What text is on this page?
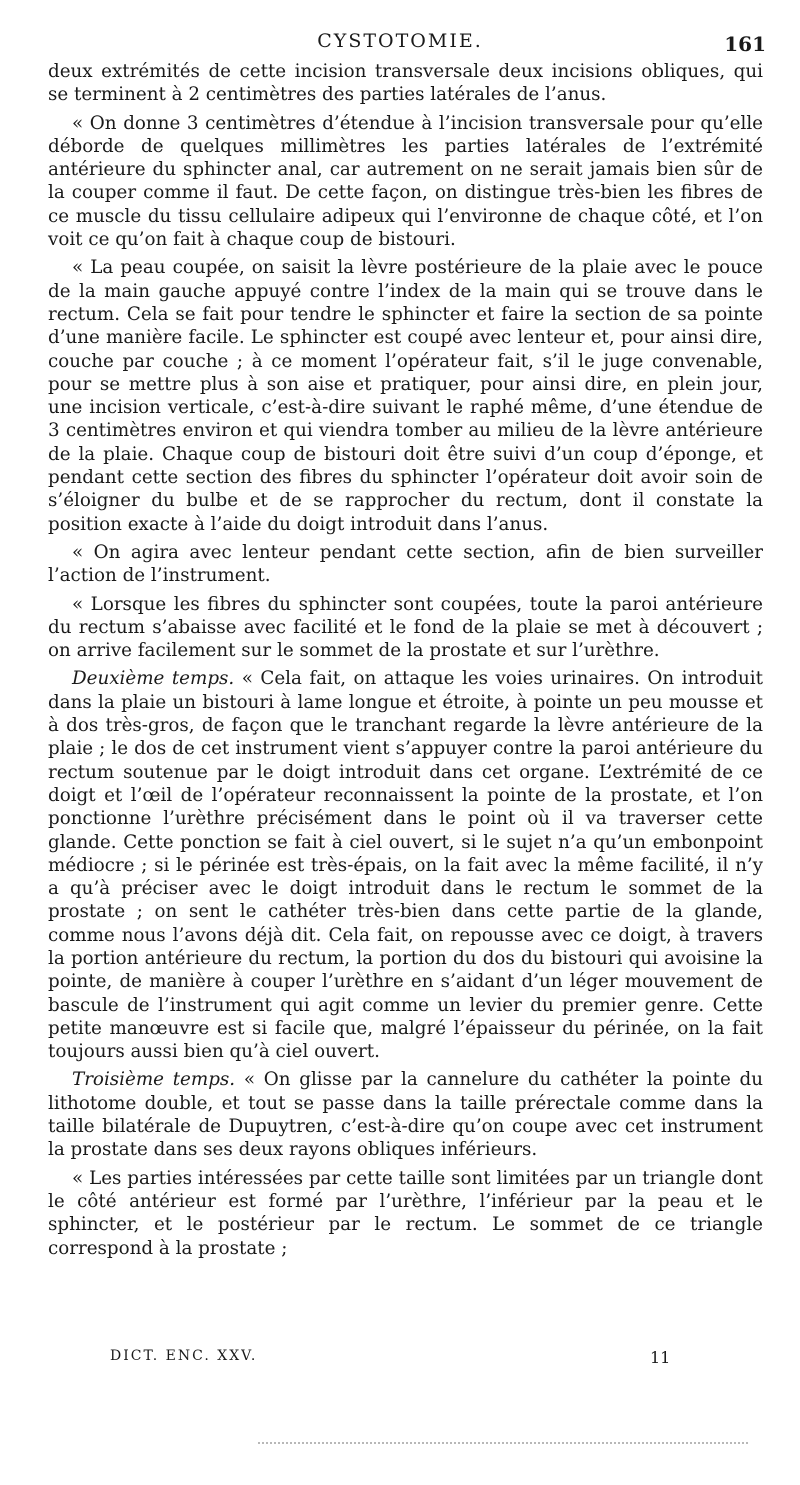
CYSTOTOMIE.	161

deux extrémités de cette incision transversale deux incisions obliques, qui se terminent à 2 centimètres des parties latérales de l’anus.

« On donne 3 centimètres d’étendue à l’incision transversale pour qu’elle déborde de quelques millimètres les parties latérales de l’extrémité antérieure du sphincter anal, car autrement on ne serait jamais bien sûr de la couper comme il faut. De cette façon, on distingue très-bien les fibres de ce muscle du tissu cellulaire adipeux qui l’environne de chaque côté, et l’on voit ce qu’on fait à chaque coup de bistouri.

« La peau coupée, on saisit la lèvre postérieure de la plaie avec le pouce de la main gauche appuyé contre l’index de la main qui se trouve dans le rectum. Cela se fait pour tendre le sphincter et faire la section de sa pointe d’une manière facile. Le sphincter est coupé avec lenteur et, pour ainsi dire, couche par couche ; à ce moment l’opérateur fait, s’il le juge convenable, pour se mettre plus à son aise et pratiquer, pour ainsi dire, en plein jour, une incision verticale, c’est-à-dire suivant le raphé même, d’une étendue de 3 centimètres environ et qui viendra tomber au milieu de la lèvre antérieure de la plaie. Chaque coup de bistouri doit être suivi d’un coup d’éponge, et pendant cette section des fibres du sphincter l’opérateur doit avoir soin de s’éloigner du bulbe et de se rapprocher du rectum, dont il constate la position exacte à l’aide du doigt introduit dans l’anus.

« On agira avec lenteur pendant cette section, afin de bien surveiller l’action de l’instrument.

« Lorsque les fibres du sphincter sont coupées, toute la paroi antérieure du rectum s’abaisse avec facilité et le fond de la plaie se met à découvert ; on arrive facilement sur le sommet de la prostate et sur l’urèthre.

Deuxième temps. « Cela fait, on attaque les voies urinaires. On introduit dans la plaie un bistouri à lame longue et étroite, à pointe un peu mousse et à dos très-gros, de façon que le tranchant regarde la lèvre antérieure de la plaie ; le dos de cet instrument vient s’appuyer contre la paroi antérieure du rectum soutenue par le doigt introduit dans cet organe. L’extrémité de ce doigt et l’œil de l’opérateur reconnaissent la pointe de la prostate, et l’on ponctionne l’urèthre précisément dans le point où il va traverser cette glande. Cette ponction se fait à ciel ouvert, si le sujet n’a qu’un embonpoint médiocre ; si le périnée est très-épais, on la fait avec la même facilité, il n’y a qu’à préciser avec le doigt introduit dans le rectum le sommet de la prostate ; on sent le cathéter très-bien dans cette partie de la glande, comme nous l’avons déjà dit. Cela fait, on repousse avec ce doigt, à travers la portion antérieure du rectum, la portion du dos du bistouri qui avoisine la pointe, de manière à couper l’urèthre en s’aidant d’un léger mouvement de bascule de l’instrument qui agit comme un levier du premier genre. Cette petite manœuvre est si facile que, malgré l’épaisseur du périnée, on la fait toujours aussi bien qu’à ciel ouvert.

Troisième temps. « On glisse par la cannelure du cathéter la pointe du lithotome double, et tout se passe dans la taille prérectale comme dans la taille bilatérale de Dupuytren, c’est-à-dire qu’on coupe avec cet instrument la prostate dans ses deux rayons obliques inférieurs.

« Les parties intéressées par cette taille sont limitées par un triangle dont le côté antérieur est formé par l’urèthre, l’inférieur par la peau et le sphincter, et le postérieur par le rectum. Le sommet de ce triangle correspond à la prostate ;

DICT. ENC. XXV.	11
